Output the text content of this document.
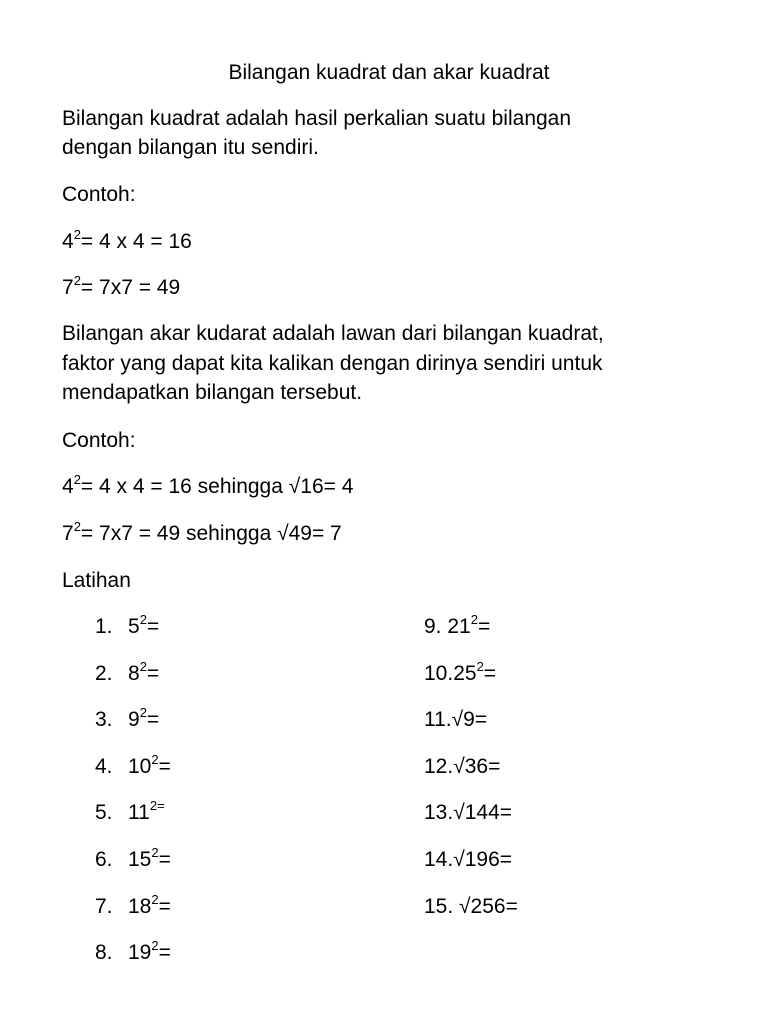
Bilangan kuadrat dan akar kuadrat

Bilangan kuadrat adalah hasil perkalian suatu bilangan

dengan bilangan itu sendiri.

Contoh:

$4^2= 4$ x 4 = 16

$7^2= 7x7 = 49$

Bilangan akar kudarat adalah lawan dari bilangan kuadrat,

faktor yang dapat kita kalikan dengan dirinya sendiri untuk

mendapatkan bilangan tersebut.

Contoh:

$4^2= 4$ x 4 = 16 sehingga √16= 4

$7^2= 7x7 = 49$ sehingga √49= 7

Latihan

1. $5^2=$

2. $8^2=$

3. $9^2=$

4. $10^2=$

5. $11^{2=}$

6. $15^2=$

7. $18^2=$

8. $19^2=$

9. $21^2=$

$10.25^2=$

11.√9=

12.√36=

13.√144=

14.√196=

15. √256=
